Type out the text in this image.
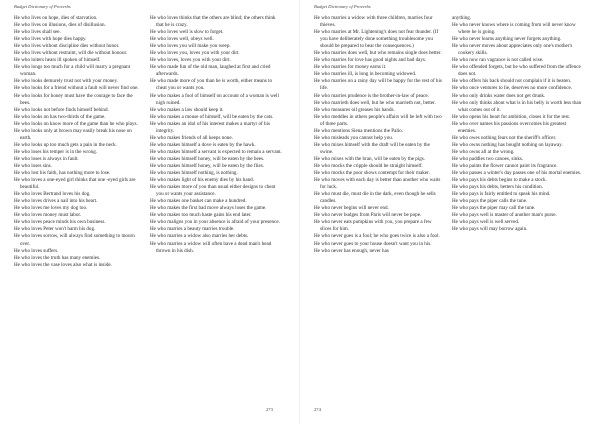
Budget Dictionary of Proverbs

He who lives on hope, dies of starvation.

He who lives on illusions, dies of disillusion.

He who lives shall see.

He who lives with hope dies happy.

He who lives without discipline dies without honor.

He who lives without restraint, will die without honour.

He who loiters hears ill spoken of himself.

He who longs too much for a child will marry a pregnant woman.

He who looks demurely trust not with your money.

He who looks for a friend without a fault will never find one.

He who looks for honey must have the courage to face the bees.

He who looks not before finds himself behind.

He who looks on has two-thirds of the game.

He who looks on know more of the game than he who plays.

He who looks only at brown may easily break his nose on earth.

He who looks up too much gets a pain in the neck.

He who loses his temper is in the wrong.

He who loses is always in fault.

He who loses sins.

He who lost his faith, has nothing more to lose.

He who loves a one-eyed girl thinks that one -eyed girls are beautiful.

He who loves Bertrand loves his dog.

He who loves drives a nail into his heart.

He who loves me loves my dog too.

He who loves money must labor.

He who loves peace minds his own business.

He who loves Peter won't harm his dog.

He who loves sorrow, will always find something to mourn over.

He who loves suffers.

He who loves the truth has many enemies.

He who loves the vase loves also what is inside.

He who loves thinks that the others are blind; the others think that he is crazy.

He who loves well is slow to forget.

He who loves well, obeys well.

He who loves you will make you weep.

He who loves you, loves you with your dirt.

He who loves, loves you with your dirt.

He who made fun of the old man, laughed at first and cried afterwards.

He who made more of you than he is worth, either means to cheat you or wants you.

He who makes a fool of himself on account of a woman is well nigh ruined.

He who makes a law should keep it.

He who makes a mouse of himself, will be eaten by the cats.

He who makes an idol of his interest makes a martyr of his integrity.

He who makes friends of all keeps none.

He who makes himself a dove is eaten by the hawk.

He who makes himself a servant is expected to remain a servant.

He who makes himself honey, will be eaten by the bees.

He who makes himself honey, will be eaten by the flies.

He who makes himself nothing, is nothing.

He who makes light of his enemy dies by his hand.

He who makes more of you than usual either designs to cheat you or wants your assistance.

He who makes one basket can make a hundred.

He who makes the first bad move always loses the game.

He who makes too much haste gains his end later.

He who maligns you in your absence is afraid of your presence.

He who marries a beauty marries trouble.

He who marries a widow also marries her debts.

He who marries a widow will often have a dead man's head thrown in his dish.

273
Budget Dictionary of Proverbs

He who marries a widow with three children, marries four thieves.

He who marries at Mr. Lightening's does not fear thunder. (If you have deliberately done something troublesome you should be prepared to bear the consequences.)

He who marries does well, but who remains single does better.

He who marries for love has good nights and bad days.

He who marries for money earns it.

He who marries ill, is long in becoming widowed.

He who marries on a rainy day will be happy for the rest of his life.

He who marries prudence is the brother-in-law of peace.

He who marrieth does well, but he who marrieth not, better.

He who measures oil greases his hands.

He who meddles in others people's affairs will be left with two of three parts.

He who mentions Siena mentions the Palio.

He who misleads you cannot help you.

He who mixes himself with the draft will be eaten by the swine.

He who mixes with the bran, will be eaten by the pigs.

He who mocks the cripple should be straight himself.

He who mocks the poor shows contempt for their maker.

He who moves with each day is better than another who waits for luck.

He who must die, must die in the dark, even though he sells candles.

He who never begins will never end.

He who never budges from Paris will never be pope.

He who never eats pumpkins with you, you prepare a few slices for him.

He who never goes is a fool; he who goes twice is also a fool.

He who never goes to your house doesn't want you in his.

He who never has enough, never has

anything.

He who never knows where is coming from will never know where he is going.

He who never learns anything never forgets anything.

He who never moves about appreciates only one's mother's cookery skills.

He who now ran vagrance is not called wise.

He who offended forgets, but he who suffered from the offence does not.

He who offers his back should not complain if it is beaten.

He who once ventures to lie, deserves no more confidence.

He who only drinks water does not get drunk.

He who only thinks about what is in his belly is worth less than what comes out of it.

He who opens his heart for ambition, closes it for the rest.

He who over names his passions overcomes his greatest enemies.

He who owes nothing fears not the sheriff's officer.

He who owns nothing has bought nothing on layaway.

He who owns all at the wrong.

He who paddles two canoes, sinks.

He who paints the flower cannot paint its fragrance.

He who passes a winter's day passes one of his mortal enemies.

He who pays his debts begins to make a stock.

He who pays his debts, betters his condition.

He who pays is fairly entitled to speak his mind.

He who pays the piper calls the tune.

He who pays the piper may call the tune.

He who pays well is master of another man's purse.

He who pays well is well served.

He who pays will may borrow again.

274
